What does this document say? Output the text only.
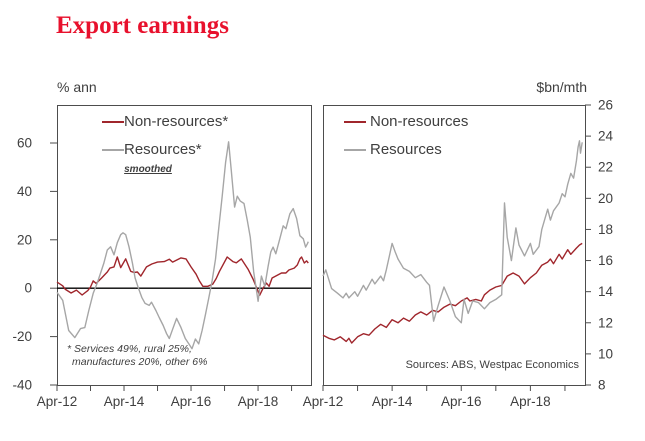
Export earnings
% ann	$bn/mth
60
40
20
0
-20
-40
Apr-12 Apr-14 Apr-16 Apr-18
26
24
22
20
18
16
14
12
10
8
Apr-12 Apr-14 Apr-16 Apr-18
Non-resources*
Resources*
smoothed
Non-resources
Resources
* Services 49%, rural 25%,
manufactures 20%, other 6%	Sources: ABS, Westpac Economics
